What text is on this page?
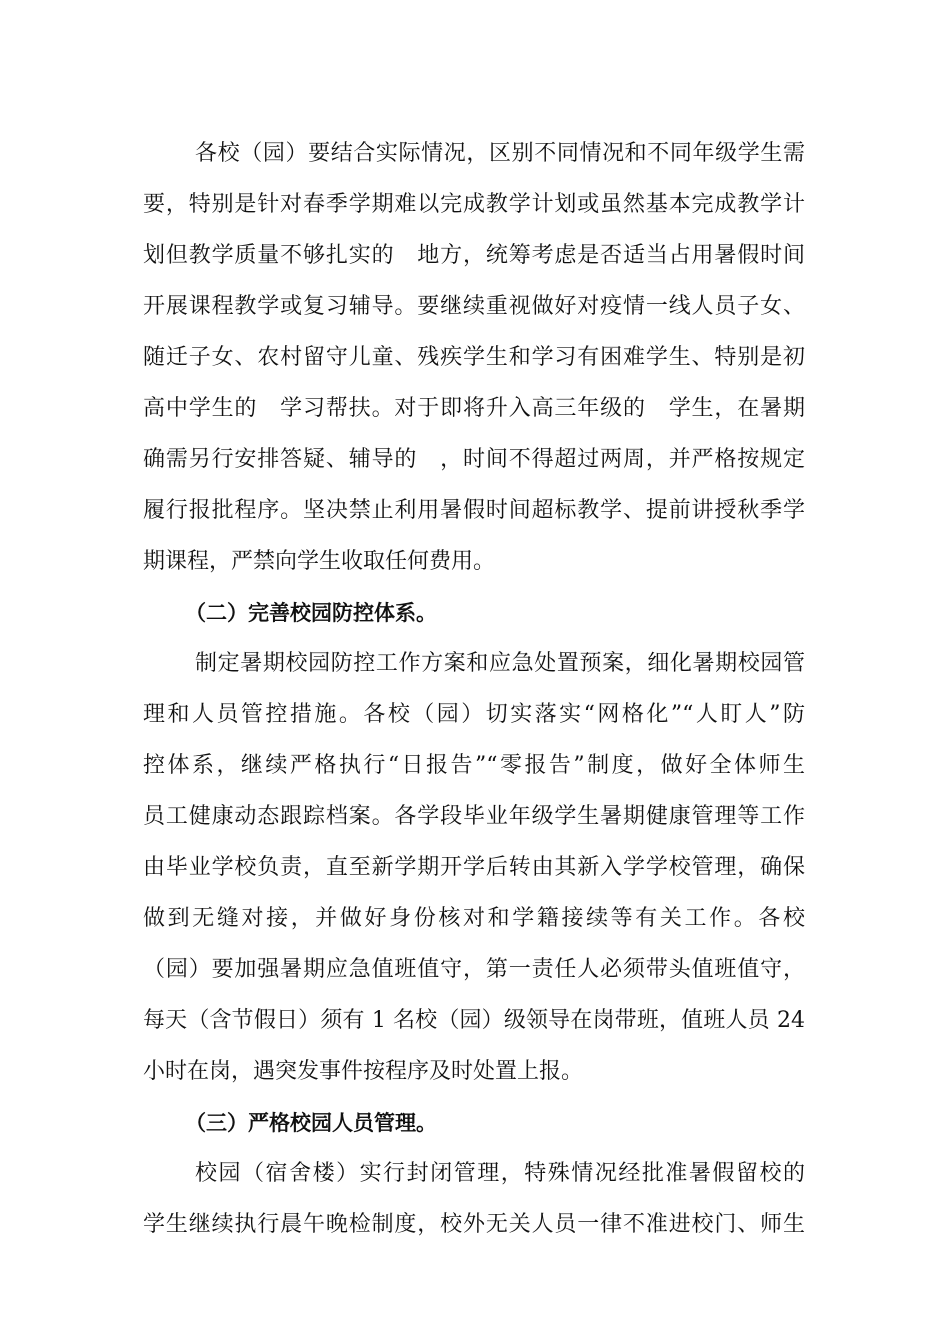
各校（园）要结合实际情况，区别不同情况和不同年级学生需
要，特别是针对春季学期难以完成教学计划或虽然基本完成教学计
划但教学质量不够扎实的　地方，统筹考虑是否适当占用暑假时间
开展课程教学或复习辅导。要继续重视做好对疫情一线人员子女、
随迁子女、农村留守儿童、残疾学生和学习有困难学生、特别是初
高中学生的　学习帮扶。对于即将升入高三年级的　学生，在暑期
确需另行安排答疑、辅导的　，时间不得超过两周，并严格按规定
履行报批程序。坚决禁止利用暑假时间超标教学、提前讲授秋季学
期课程，严禁向学生收取任何费用。
（二）完善校园防控体系。
制定暑期校园防控工作方案和应急处置预案，细化暑期校园管
理和人员管控措施。各校（园）切实落实“网格化”“人盯人”防
控体系，继续严格执行“日报告”“零报告”制度，做好全体师生
员工健康动态跟踪档案。各学段毕业年级学生暑期健康管理等工作
由毕业学校负责，直至新学期开学后转由其新入学学校管理，确保
做到无缝对接，并做好身份核对和学籍接续等有关工作。各校
（园）要加强暑期应急值班值守，第一责任人必须带头值班值守，
每天（含节假日）须有 1 名校（园）级领导在岗带班，值班人员 24
小时在岗，遇突发事件按程序及时处置上报。
（三）严格校园人员管理。
校园（宿舍楼）实行封闭管理，特殊情况经批准暑假留校的
学生继续执行晨午晚检制度，校外无关人员一律不准进校门、师生
